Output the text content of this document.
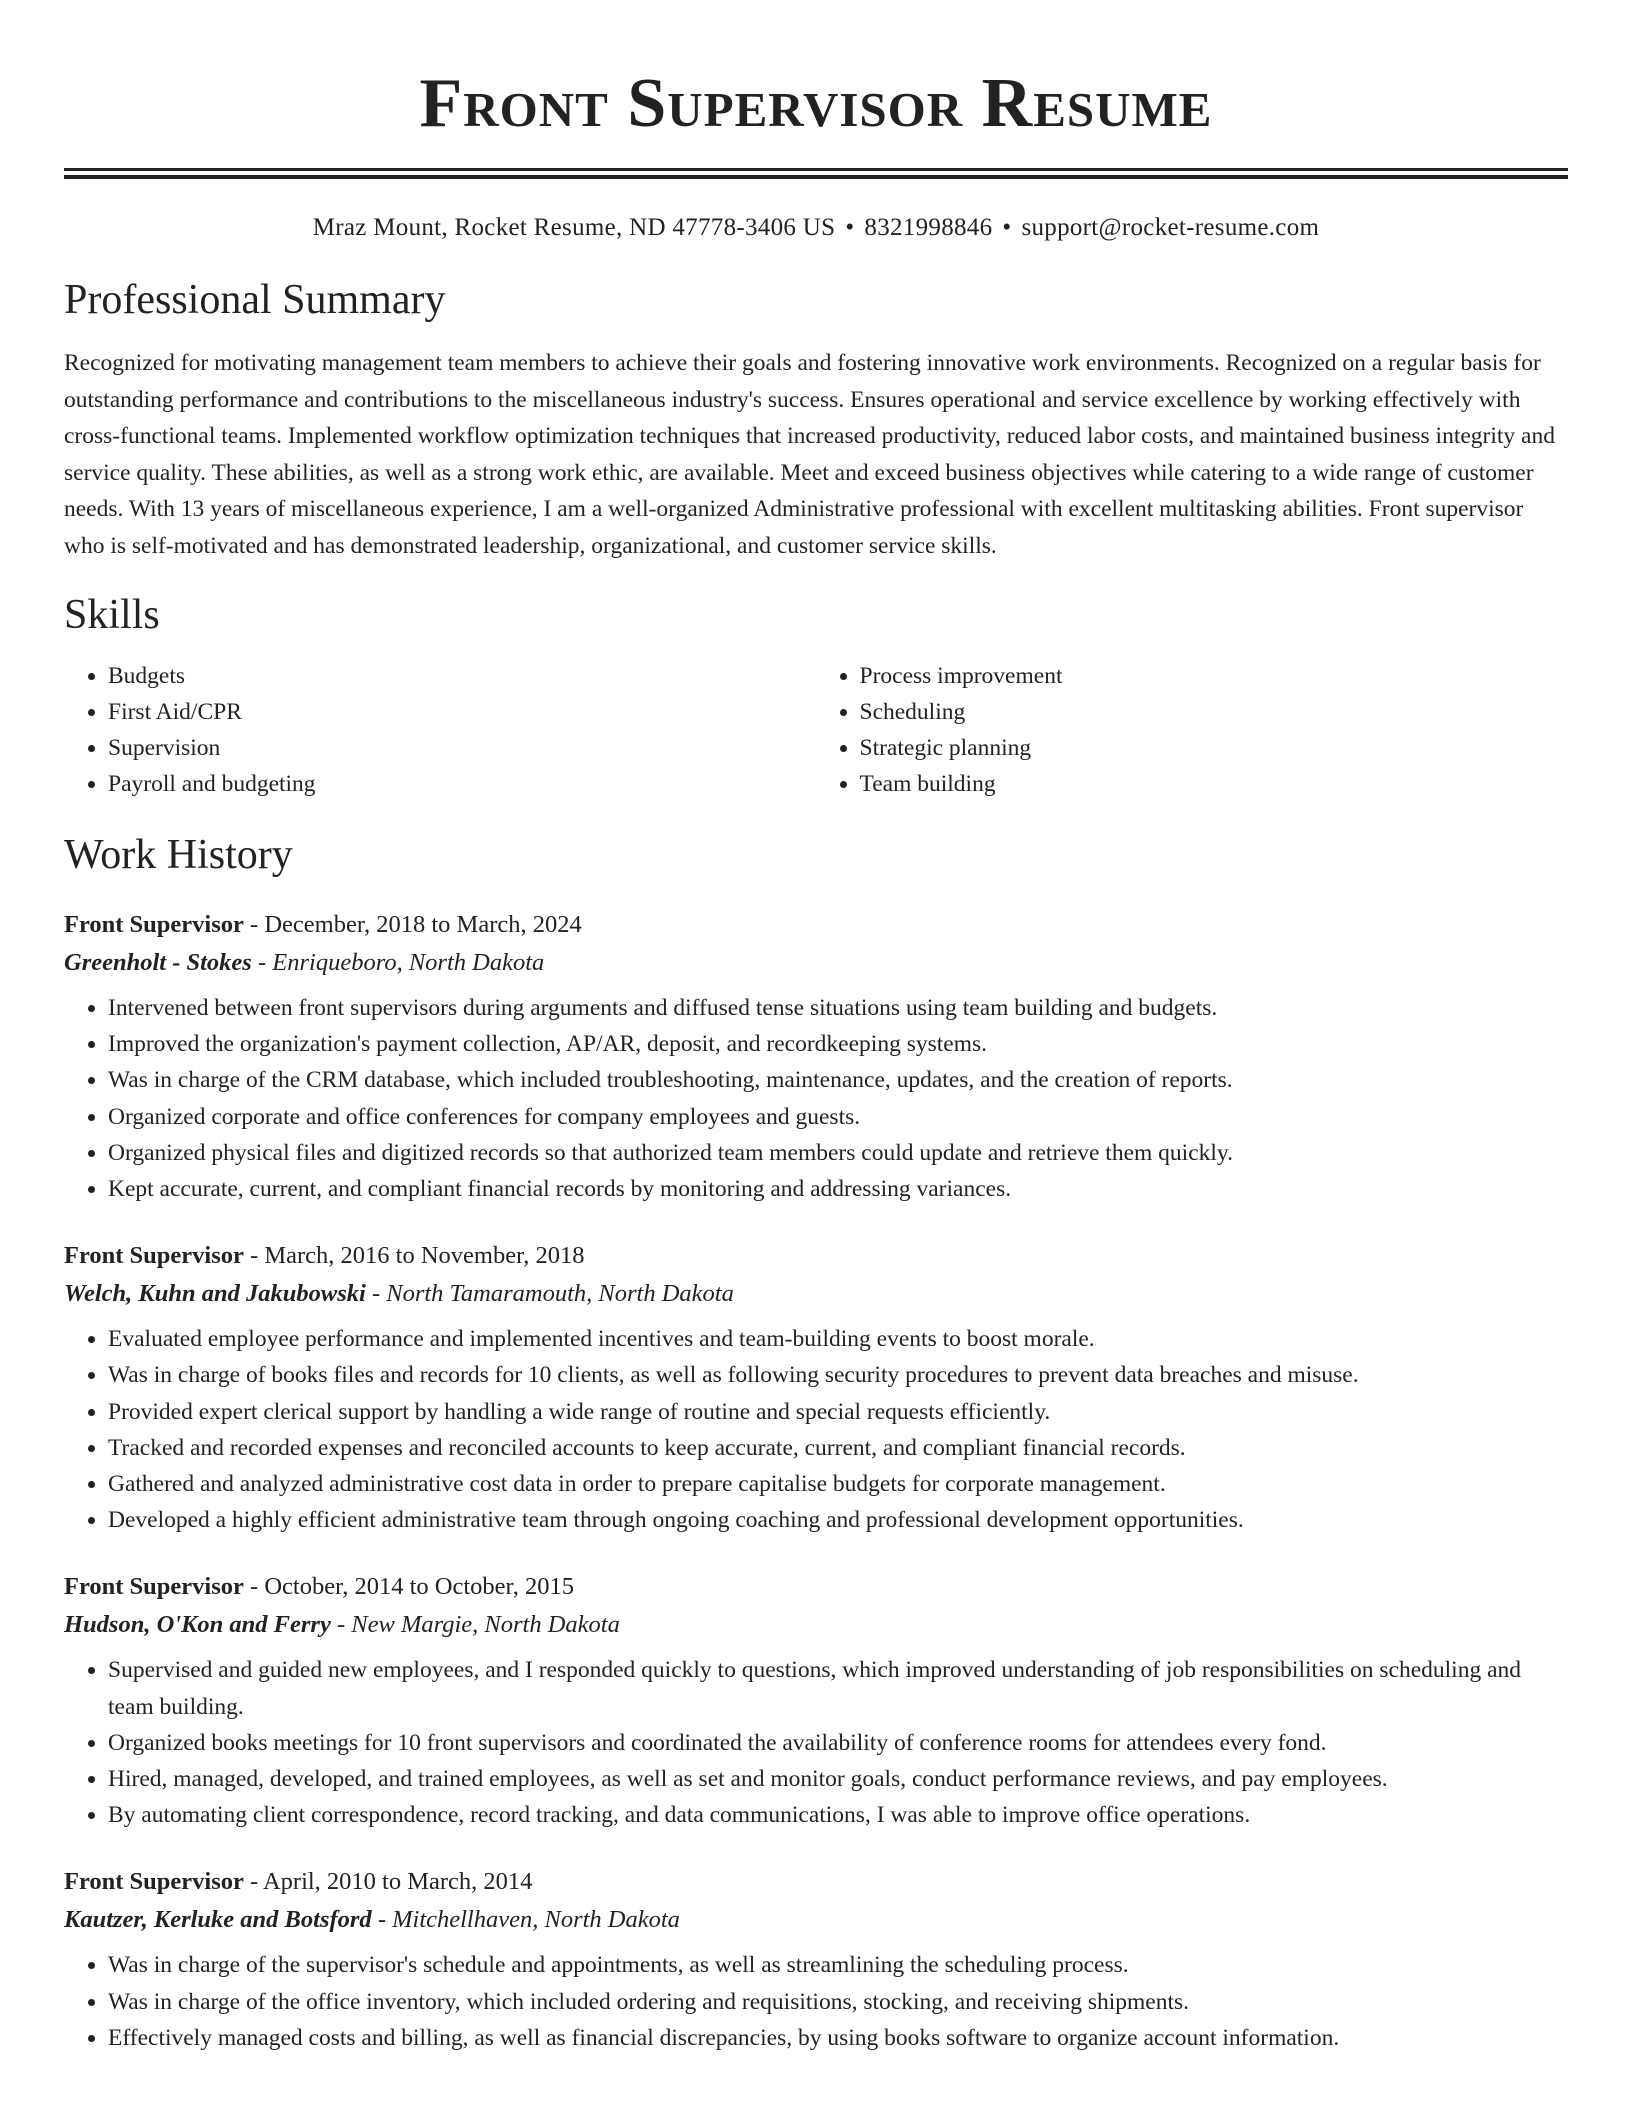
Front Supervisor Resume
Mraz Mount, Rocket Resume, ND 47778-3406 US • 8321998846 • support@rocket-resume.com
Professional Summary

Recognized for motivating management team members to achieve their goals and fostering innovative work environments. Recognized on a regular basis for outstanding performance and contributions to the miscellaneous industry's success. Ensures operational and service excellence by working effectively with cross-functional teams. Implemented workflow optimization techniques that increased productivity, reduced labor costs, and maintained business integrity and service quality. These abilities, as well as a strong work ethic, are available. Meet and exceed business objectives while catering to a wide range of customer needs. With 13 years of miscellaneous experience, I am a well-organized Administrative professional with excellent multitasking abilities. Front supervisor who is self-motivated and has demonstrated leadership, organizational, and customer service skills.

Skills
• Budgets
• First Aid/CPR
• Supervision
• Payroll and budgeting
• Process improvement
• Scheduling
• Strategic planning
• Team building
Work History
Front Supervisor - December, 2018 to March, 2024
Greenholt - Stokes - Enriqueboro, North Dakota
• Intervened between front supervisors during arguments and diffused tense situations using team building and budgets.
• Improved the organization's payment collection, AP/AR, deposit, and recordkeeping systems.
• Was in charge of the CRM database, which included troubleshooting, maintenance, updates, and the creation of reports.
• Organized corporate and office conferences for company employees and guests.
• Organized physical files and digitized records so that authorized team members could update and retrieve them quickly.
• Kept accurate, current, and compliant financial records by monitoring and addressing variances.
Front Supervisor - March, 2016 to November, 2018
Welch, Kuhn and Jakubowski - North Tamaramouth, North Dakota
• Evaluated employee performance and implemented incentives and team-building events to boost morale.
• Was in charge of books files and records for 10 clients, as well as following security procedures to prevent data breaches and misuse.
• Provided expert clerical support by handling a wide range of routine and special requests efficiently.
• Tracked and recorded expenses and reconciled accounts to keep accurate, current, and compliant financial records.
• Gathered and analyzed administrative cost data in order to prepare capitalise budgets for corporate management.
• Developed a highly efficient administrative team through ongoing coaching and professional development opportunities.
Front Supervisor - October, 2014 to October, 2015
Hudson, O'Kon and Ferry - New Margie, North Dakota
• Supervised and guided new employees, and I responded quickly to questions, which improved understanding of job responsibilities on scheduling and team building.
• Organized books meetings for 10 front supervisors and coordinated the availability of conference rooms for attendees every fond.
• Hired, managed, developed, and trained employees, as well as set and monitor goals, conduct performance reviews, and pay employees.
• By automating client correspondence, record tracking, and data communications, I was able to improve office operations.
Front Supervisor - April, 2010 to March, 2014
Kautzer, Kerluke and Botsford - Mitchellhaven, North Dakota
• Was in charge of the supervisor's schedule and appointments, as well as streamlining the scheduling process.
• Was in charge of the office inventory, which included ordering and requisitions, stocking, and receiving shipments.
• Effectively managed costs and billing, as well as financial discrepancies, by using books software to organize account information.
